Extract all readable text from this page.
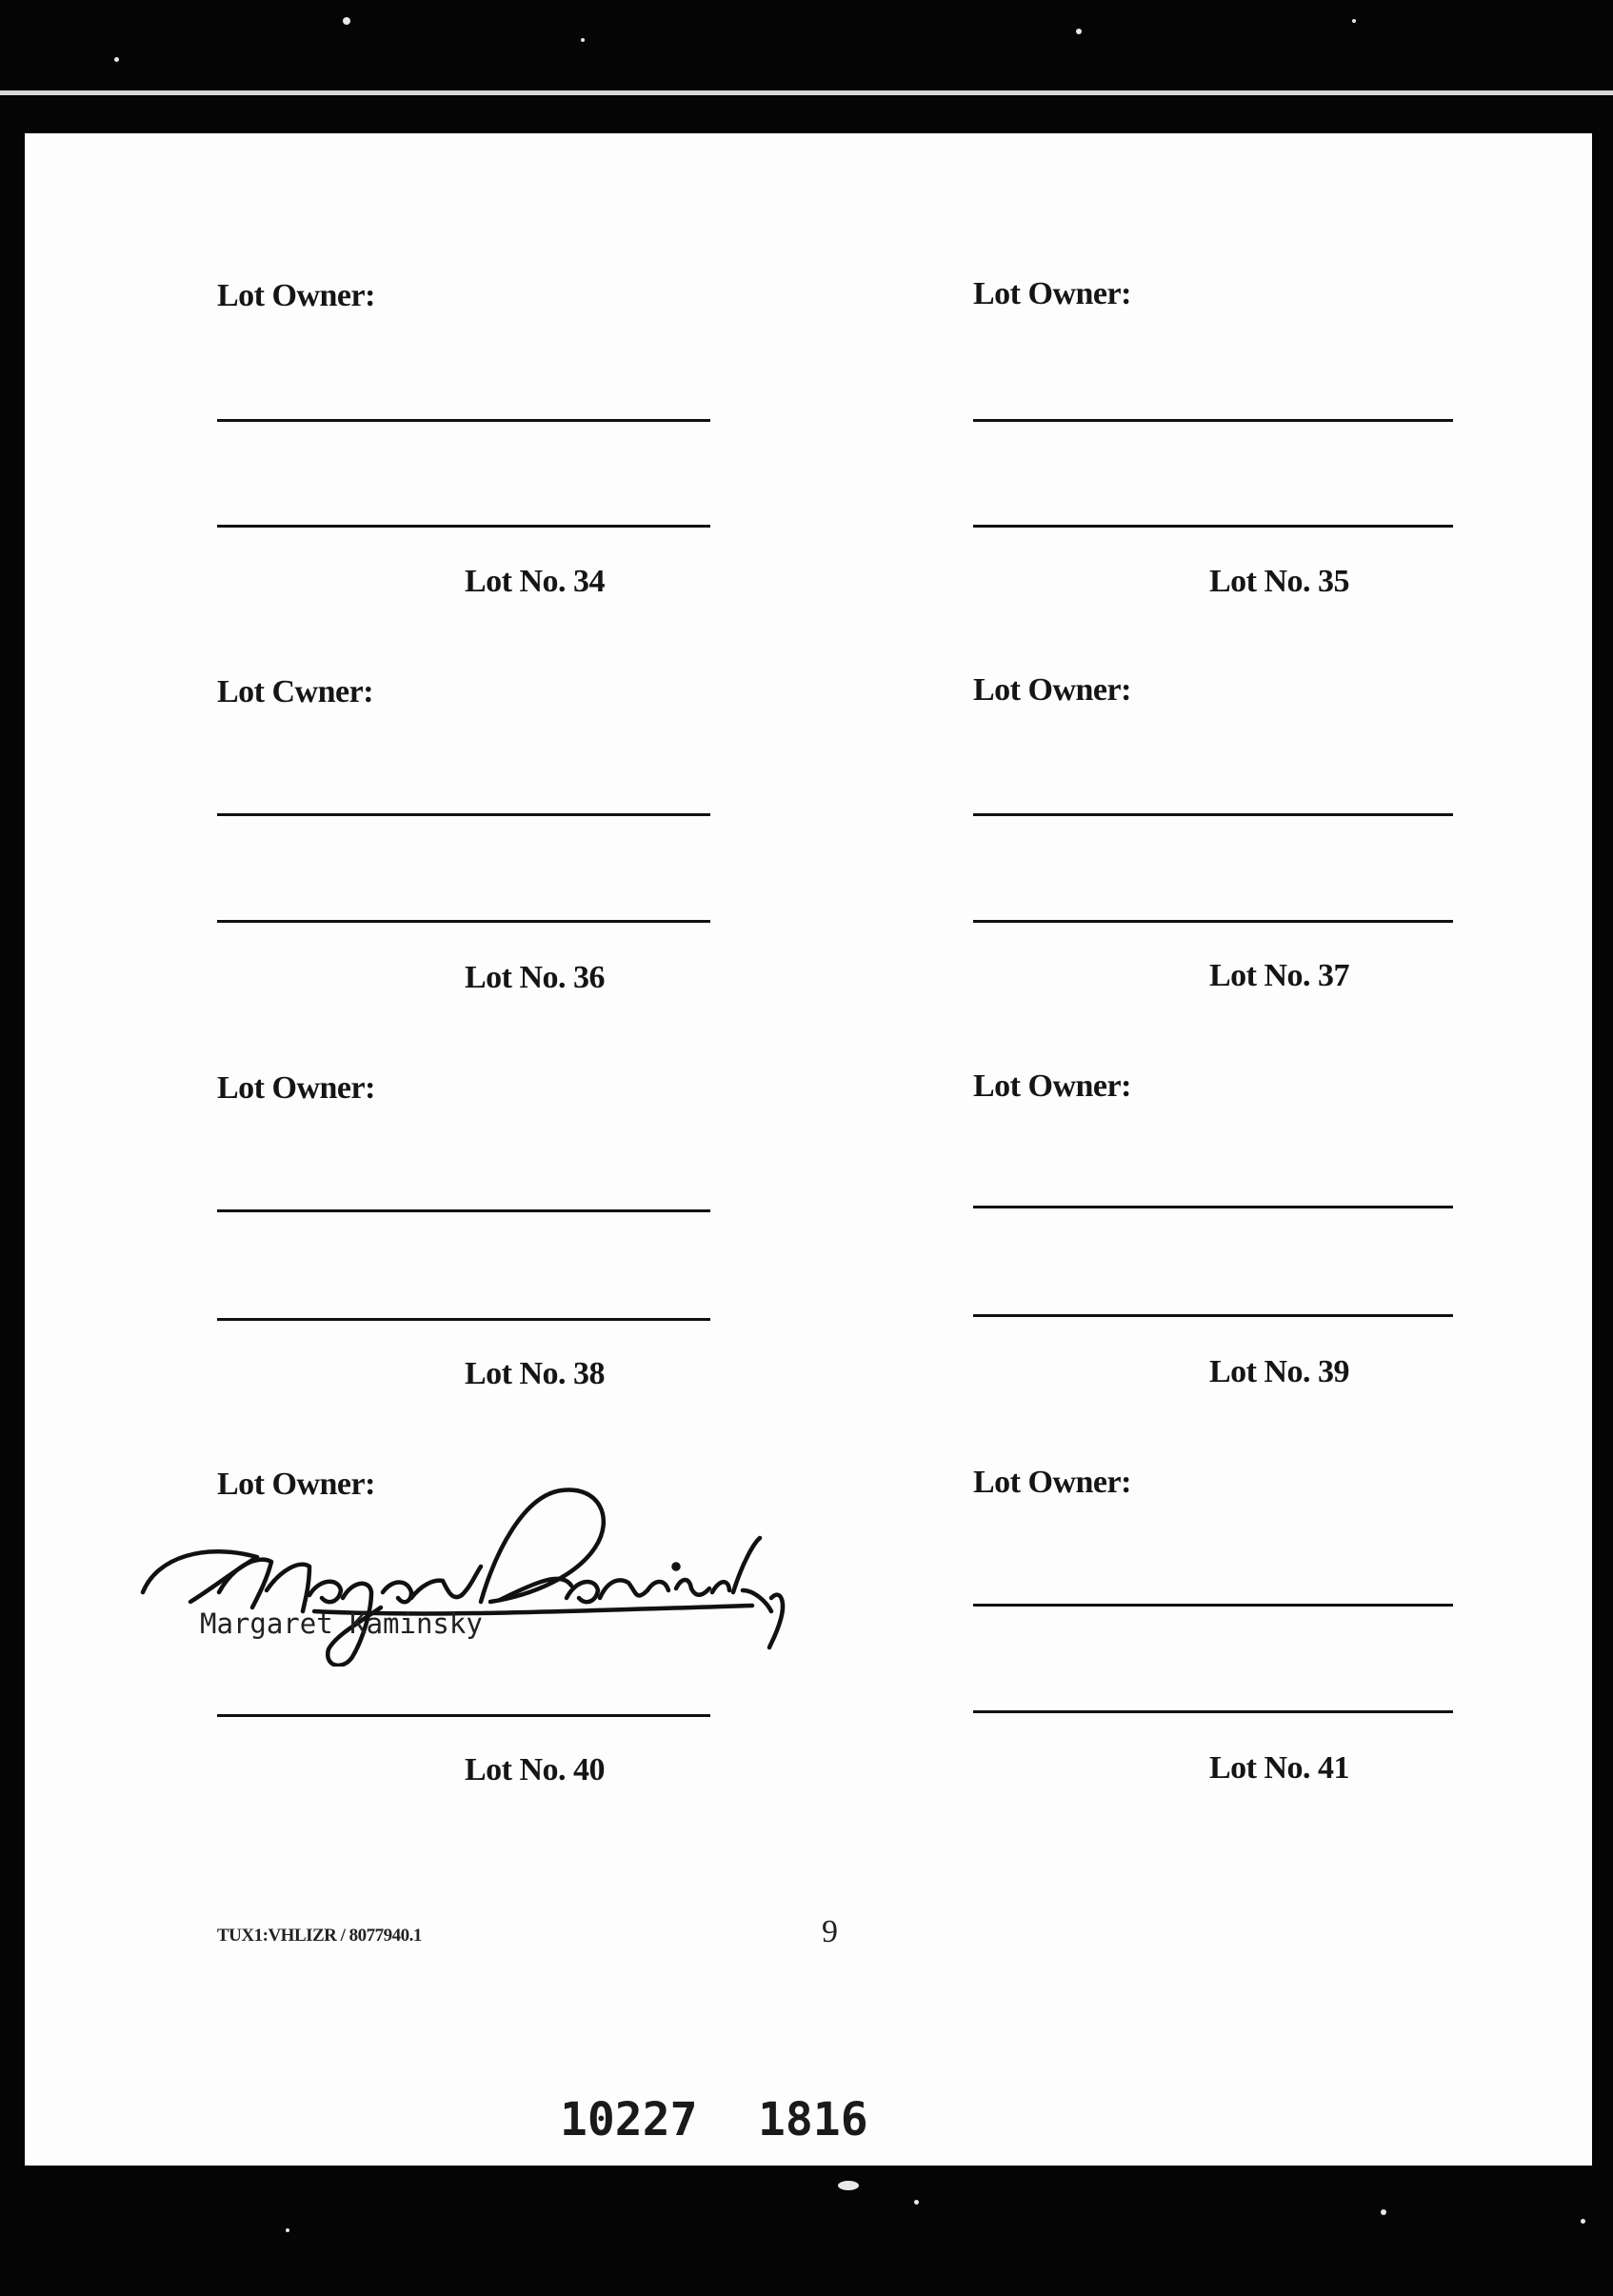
Lot Owner:
Lot No. 34
Lot Owner:
Lot No. 35
Lot Cwner:
Lot No. 36
Lot Owner:
Lot No. 37
Lot Owner:
Lot No. 38
Lot Owner:
Lot No. 39
Lot Owner:
Margaret Kaminsky
Lot No. 40
Lot Owner:
Lot No. 41
TUX1:VHLIZR / 8077940.1	9
10227 1816
